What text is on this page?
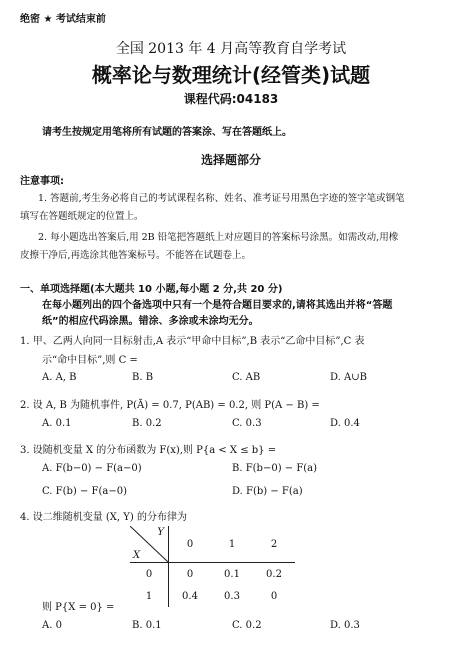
绝密 ★ 考试结束前
全国 2013 年 4 月高等教育自学考试
概率论与数理统计(经管类)试题
课程代码:04183
请考生按规定用笔将所有试题的答案涂、写在答题纸上。
选择题部分
注意事项:
1. 答题前,考生务必将自己的考试课程名称、姓名、准考证号用黑色字迹的签字笔或钢笔
填写在答题纸规定的位置上。
2. 每小题选出答案后,用 2B 铅笔把答题纸上对应题目的答案标号涂黑。如需改动,用橡
皮擦干净后,再选涂其他答案标号。不能答在试题卷上。
一、单项选择题(本大题共 10 小题,每小题 2 分,共 20 分)
在每小题列出的四个备选项中只有一个是符合题目要求的,请将其选出并将“答题
纸”的相应代码涂黑。错涂、多涂或未涂均无分。
1. 甲、乙两人向同一目标射击,A 表示“甲命中目标”,B 表示“乙命中目标”,C 表
示“命中目标”,则 C =
A. A, B	B. B	C. AB	D. A∪B
2. 设 A, B 为随机事件, P(Ā) = 0.7, P(AB) = 0.2, 则 P(A − B) =
A. 0.1	B. 0.2	C. 0.3	D. 0.4
3. 设随机变量 X 的分布函数为 F(x),则 P{a < X ≤ b} =
A. F(b−0) − F(a−0)	B. F(b−0) − F(a)
C. F(b) − F(a−0)	D. F(b) − F(a)
4. 设二维随机变量 (X, Y) 的分布律为
Y
X	0	1	2
0	0	0.1	0.2
1	0.4	0.3	0
则 P{X = 0} =
A. 0	B. 0.1	C. 0.2	D. 0.3
